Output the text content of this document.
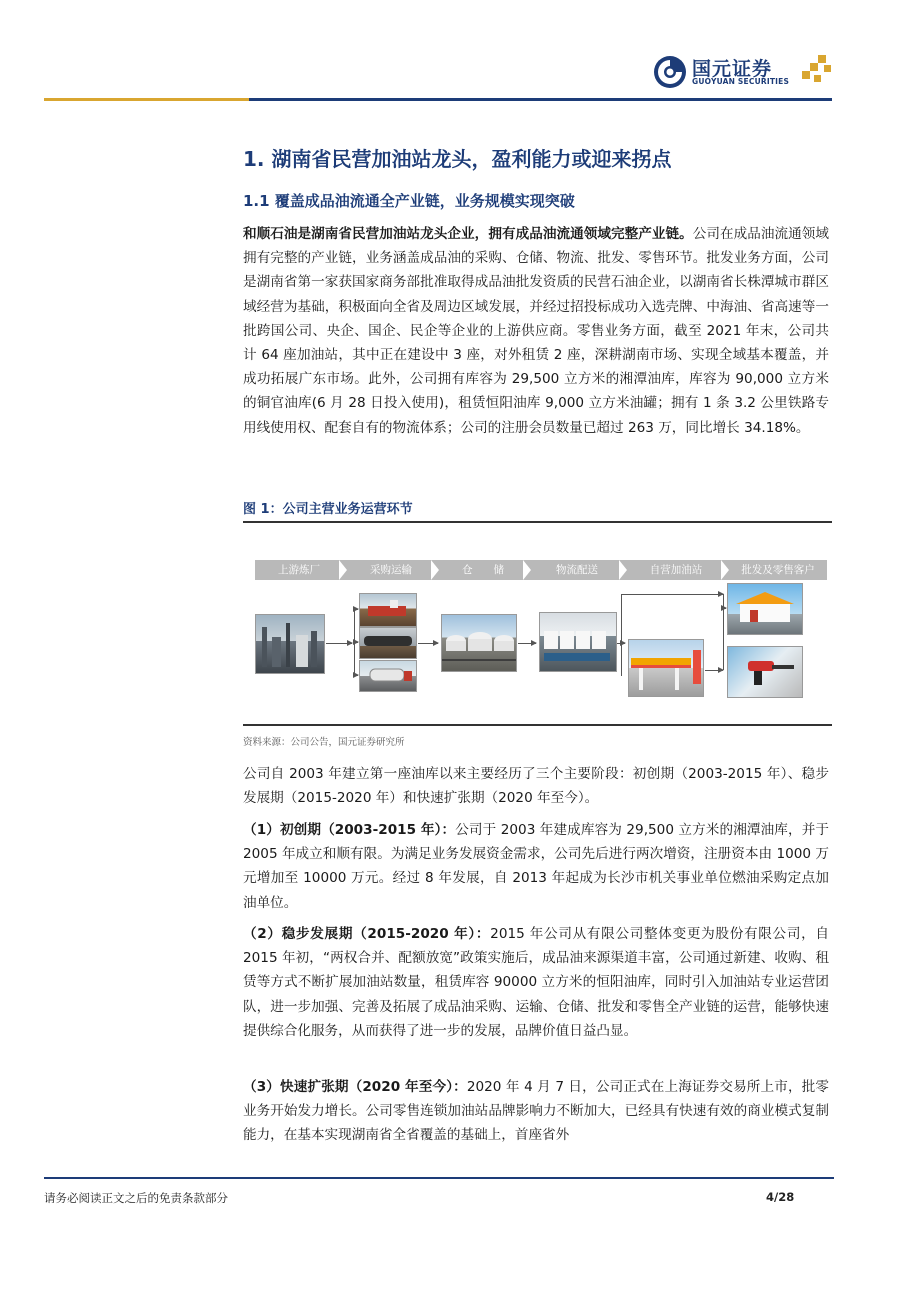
国元证券
GUOYUAN SECURITIES
1. 湖南省民营加油站龙头，盈利能力或迎来拐点
1.1 覆盖成品油流通全产业链，业务规模实现突破
和顺石油是湖南省民营加油站龙头企业，拥有成品油流通领域完整产业链。公司在成品油流通领域拥有完整的产业链，业务涵盖成品油的采购、仓储、物流、批发、零售环节。批发业务方面，公司是湖南省第一家获国家商务部批准取得成品油批发资质的民营石油企业，以湖南省长株潭城市群区域经营为基础，积极面向全省及周边区域发展，并经过招投标成功入选壳牌、中海油、省高速等一批跨国公司、央企、国企、民企等企业的上游供应商。零售业务方面，截至 2021 年末，公司共计 64 座加油站，其中正在建设中 3 座，对外租赁 2 座，深耕湖南市场、实现全域基本覆盖，并成功拓展广东市场。此外，公司拥有库容为 29,500 立方米的湘潭油库，库容为 90,000 立方米的铜官油库(6 月 28 日投入使用)，租赁恒阳油库 9,000 立方米油罐；拥有 1 条 3.2 公里铁路专用线使用权、配套自有的物流体系；公司的注册会员数量已超过 263 万，同比增长 34.18%。
图 1：公司主营业务运营环节
上游炼厂	采购运输	仓　　储	物流配送	自营加油站	批发及零售客户
资料来源：公司公告，国元证券研究所
公司自 2003 年建立第一座油库以来主要经历了三个主要阶段：初创期（2003-2015 年）、稳步发展期（2015-2020 年）和快速扩张期（2020 年至今）。
（1）初创期（2003-2015 年）：公司于 2003 年建成库容为 29,500 立方米的湘潭油库，并于 2005 年成立和顺有限。为满足业务发展资金需求，公司先后进行两次增资，注册资本由 1000 万元增加至 10000 万元。经过 8 年发展，自 2013 年起成为长沙市机关事业单位燃油采购定点加油单位。
（2）稳步发展期（2015-2020 年）：2015 年公司从有限公司整体变更为股份有限公司，自 2015 年初，“两权合并、配额放宽”政策实施后，成品油来源渠道丰富，公司通过新建、收购、租赁等方式不断扩展加油站数量，租赁库容 90000 立方米的恒阳油库，同时引入加油站专业运营团队，进一步加强、完善及拓展了成品油采购、运输、仓储、批发和零售全产业链的运营，能够快速提供综合化服务，从而获得了进一步的发展，品牌价值日益凸显。
（3）快速扩张期（2020 年至今）：2020 年 4 月 7 日，公司正式在上海证券交易所上市，批零业务开始发力增长。公司零售连锁加油站品牌影响力不断加大，已经具有快速有效的商业模式复制能力，在基本实现湖南省全省覆盖的基础上，首座省外
请务必阅读正文之后的免责条款部分	4/28
